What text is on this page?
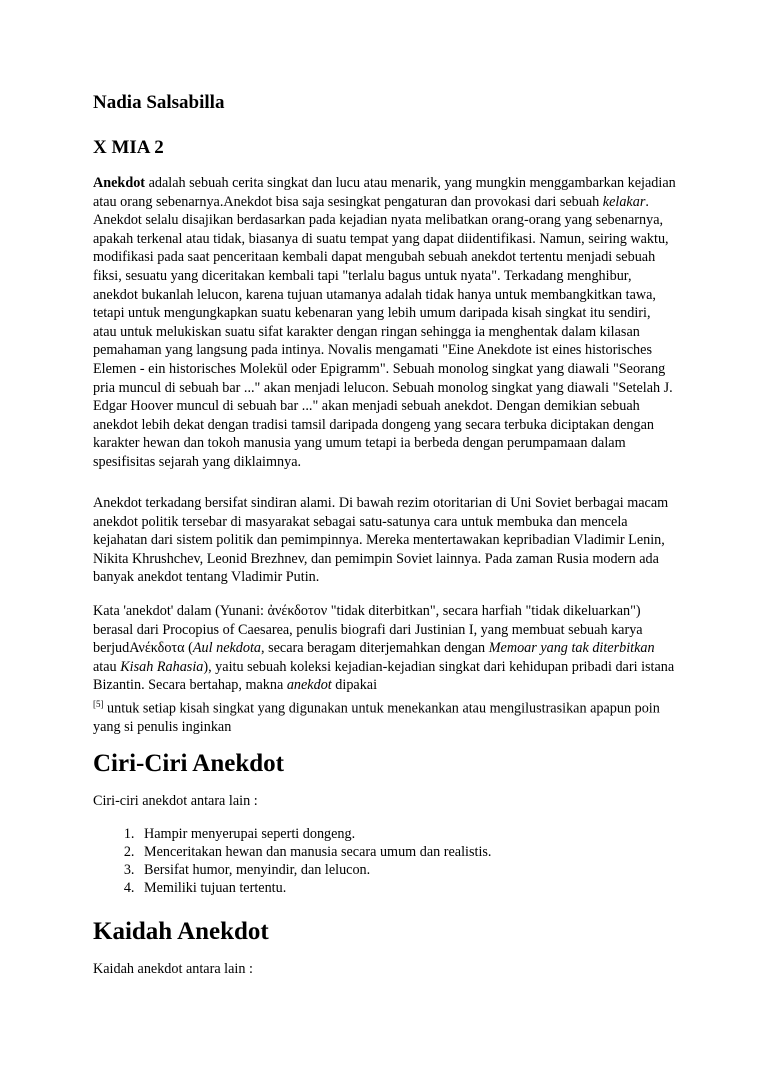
Nadia Salsabilla
X MIA 2

Anekdot adalah sebuah cerita singkat dan lucu atau menarik, yang mungkin menggambarkan kejadian atau orang sebenarnya.Anekdot bisa saja sesingkat pengaturan dan provokasi dari sebuah kelakar. Anekdot selalu disajikan berdasarkan pada kejadian nyata melibatkan orang-orang yang sebenarnya, apakah terkenal atau tidak, biasanya di suatu tempat yang dapat diidentifikasi. Namun, seiring waktu, modifikasi pada saat penceritaan kembali dapat mengubah sebuah anekdot tertentu menjadi sebuah fiksi, sesuatu yang diceritakan kembali tapi "terlalu bagus untuk nyata". Terkadang menghibur, anekdot bukanlah lelucon, karena tujuan utamanya adalah tidak hanya untuk membangkitkan tawa, tetapi untuk mengungkapkan suatu kebenaran yang lebih umum daripada kisah singkat itu sendiri, atau untuk melukiskan suatu sifat karakter dengan ringan sehingga ia menghentak dalam kilasan pemahaman yang langsung pada intinya. Novalis mengamati "Eine Anekdote ist eines historisches Elemen - ein historisches Molekül oder Epigramm". Sebuah monolog singkat yang diawali "Seorang pria muncul di sebuah bar ..." akan menjadi lelucon. Sebuah monolog singkat yang diawali "Setelah J. Edgar Hoover muncul di sebuah bar ..." akan menjadi sebuah anekdot. Dengan demikian sebuah anekdot lebih dekat dengan tradisi tamsil daripada dongeng yang secara terbuka diciptakan dengan karakter hewan dan tokoh manusia yang umum tetapi ia berbeda dengan perumpamaan dalam spesifisitas sejarah yang diklaimnya.

Anekdot terkadang bersifat sindiran alami. Di bawah rezim otoritarian di Uni Soviet berbagai macam anekdot politik tersebar di masyarakat sebagai satu-satunya cara untuk membuka dan mencela kejahatan dari sistem politik dan pemimpinnya. Mereka mentertawakan kepribadian Vladimir Lenin, Nikita Khrushchev, Leonid Brezhnev, dan pemimpin Soviet lainnya. Pada zaman Rusia modern ada banyak anekdot tentang Vladimir Putin.

Kata 'anekdot' dalam (Yunani: ἀνέκδοτον "tidak diterbitkan", secara harfiah "tidak dikeluarkan") berasal dari Procopius of Caesarea, penulis biografi dari Justinian I, yang membuat sebuah karya berjudΑνέκδοτα (Aul nekdota, secara beragam diterjemahkan dengan Memoar yang tak diterbitkan atau Kisah Rahasia), yaitu sebuah koleksi kejadian-kejadian singkat dari kehidupan pribadi dari istana Bizantin. Secara bertahap, makna anekdot dipakai
[5] untuk setiap kisah singkat yang digunakan untuk menekankan atau mengilustrasikan apapun poin yang si penulis inginkan

Ciri-Ciri Anekdot

Ciri-ciri anekdot antara lain :

1. Hampir menyerupai seperti dongeng.
2. Menceritakan hewan dan manusia secara umum dan realistis.
3. Bersifat humor, menyindir, dan lelucon.
4. Memiliki tujuan tertentu.
Kaidah Anekdot

Kaidah anekdot antara lain :
